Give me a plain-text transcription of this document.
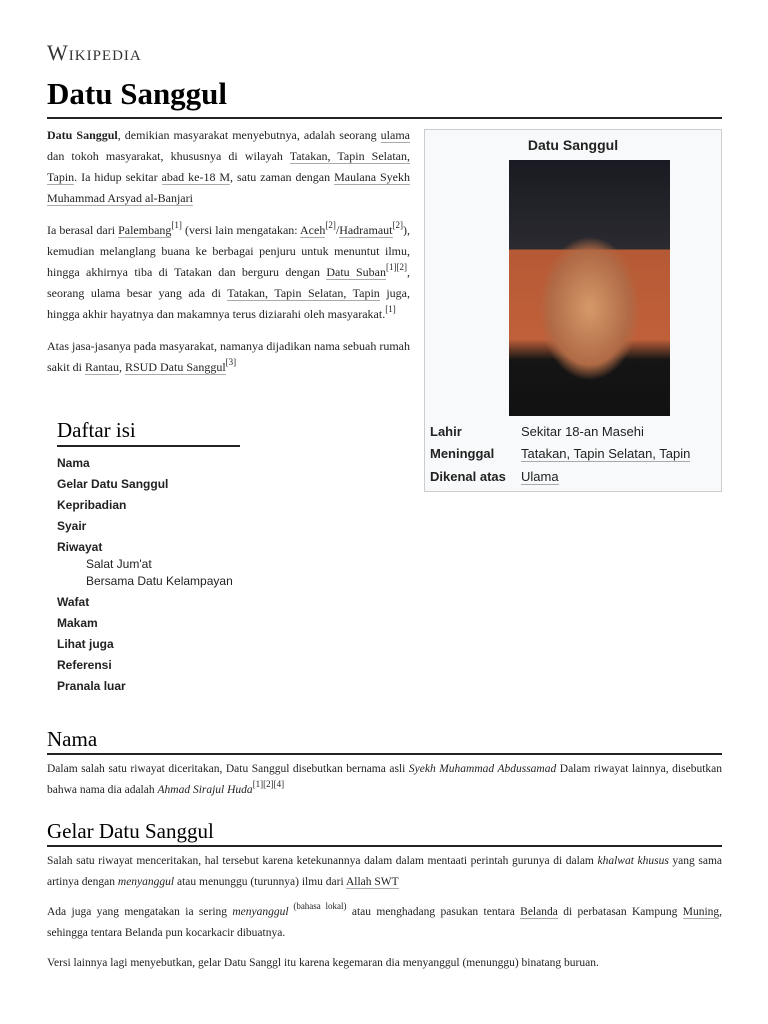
Wikipedia
Datu Sanggul

Datu Sanggul, demikian masyarakat menyebutnya, adalah seorang ulama dan tokoh masyarakat, khususnya di wilayah Tatakan, Tapin Selatan, Tapin. Ia hidup sekitar abad ke-18 M, satu zaman dengan Maulana Syekh Muhammad Arsyad al-Banjari

Ia berasal dari Palembang[1] (versi lain mengatakan: Aceh[2]/Hadramaut[2]), kemudian melanglang buana ke berbagai penjuru untuk menuntut ilmu, hingga akhirnya tiba di Tatakan dan berguru dengan Datu Suban[1][2], seorang ulama besar yang ada di Tatakan, Tapin Selatan, Tapin juga, hingga akhir hayatnya dan makamnya terus diziarahi oleh masyarakat.[1]

Atas jasa-jasanya pada masyarakat, namanya dijadikan nama sebuah rumah sakit di Rantau, RSUD Datu Sanggul[3]

Datu Sanggul
Lahir	Sekitar 18-an Masehi
Meninggal	Tatakan, Tapin Selatan, Tapin
Dikenal atas	Ulama
Daftar isi
Nama
Gelar Datu Sanggul
Kepribadian
Syair
Riwayat
Salat Jum'at
Bersama Datu Kelampayan
Wafat
Makam
Lihat juga
Referensi
Pranala luar
Nama

Dalam salah satu riwayat diceritakan, Datu Sanggul disebutkan bernama asli Syekh Muhammad Abdussamad Dalam riwayat lainnya, disebutkan bahwa nama dia adalah Ahmad Sirajul Huda[1][2][4]

Gelar Datu Sanggul

Salah satu riwayat menceritakan, hal tersebut karena ketekunannya dalam dalam mentaati perintah gurunya di dalam khalwat khusus yang sama artinya dengan menyanggul atau menunggu (turunnya) ilmu dari Allah SWT

Ada juga yang mengatakan ia sering menyanggul $^{(bahasa lokal)}$ atau menghadang pasukan tentara Belanda di perbatasan Kampung Muning, sehingga tentara Belanda pun kocarkacir dibuatnya.

Versi lainnya lagi menyebutkan, gelar Datu Sanggl itu karena kegemaran dia menyanggul (menunggu) binatang buruan.
